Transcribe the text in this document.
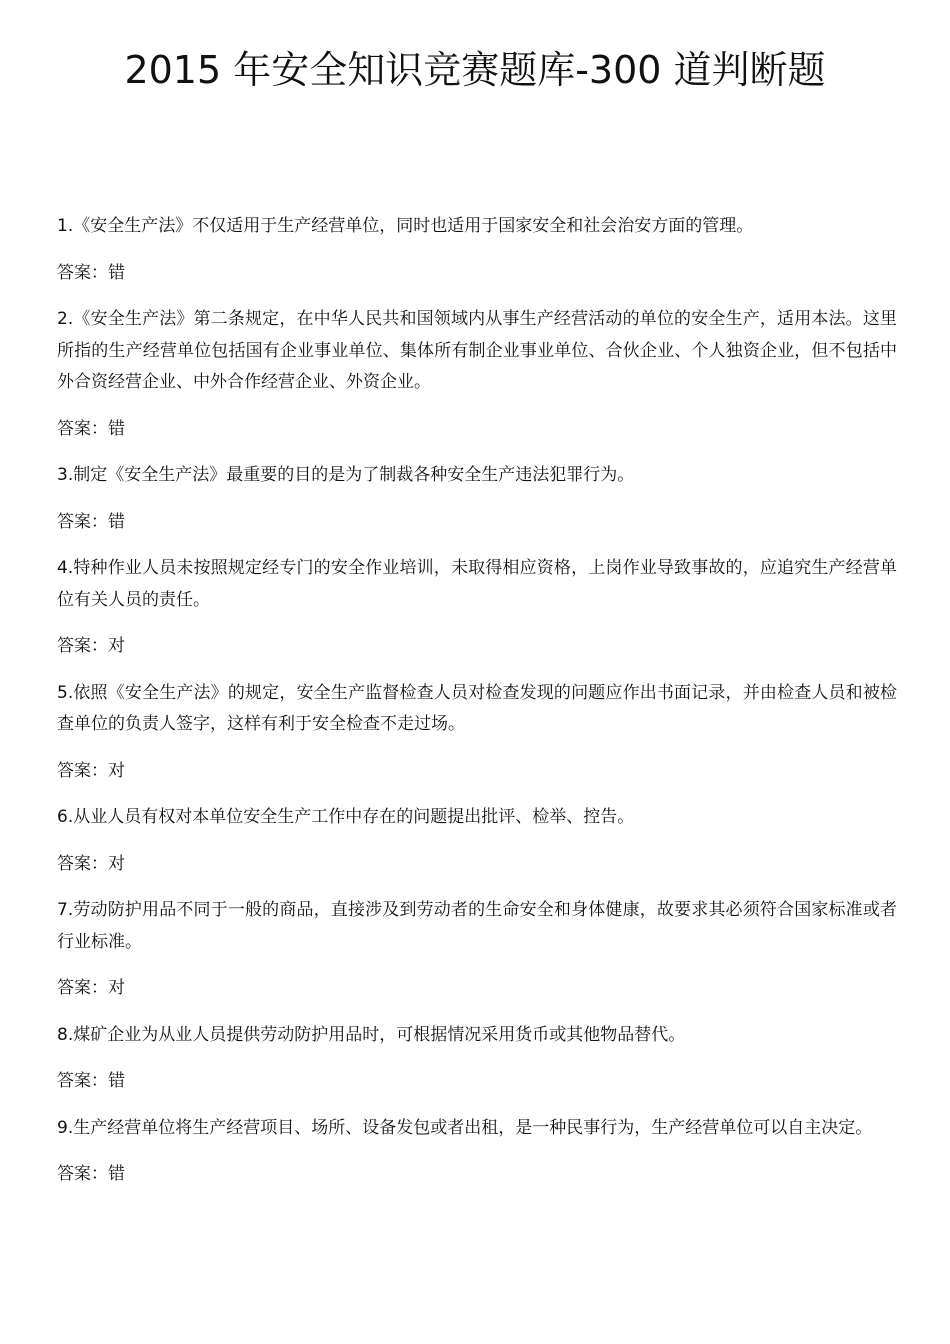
2015 年安全知识竞赛题库-300 道判断题

1.《安全生产法》不仅适用于生产经营单位，同时也适用于国家安全和社会治安方面的管理。

答案：错

2.《安全生产法》第二条规定，在中华人民共和国领域内从事生产经营活动的单位的安全生产，适用本法。这里所指的生产经营单位包括国有企业事业单位、集体所有制企业事业单位、合伙企业、个人独资企业，但不包括中外合资经营企业、中外合作经营企业、外资企业。

答案：错

3.制定《安全生产法》最重要的目的是为了制裁各种安全生产违法犯罪行为。

答案：错

4.特种作业人员未按照规定经专门的安全作业培训，未取得相应资格，上岗作业导致事故的，应追究生产经营单位有关人员的责任。

答案：对

5.依照《安全生产法》的规定，安全生产监督检查人员对检查发现的问题应作出书面记录，并由检查人员和被检查单位的负责人签字，这样有利于安全检查不走过场。

答案：对

6.从业人员有权对本单位安全生产工作中存在的问题提出批评、检举、控告。

答案：对

7.劳动防护用品不同于一般的商品，直接涉及到劳动者的生命安全和身体健康，故要求其必须符合国家标准或者行业标准。

答案：对

8.煤矿企业为从业人员提供劳动防护用品时，可根据情况采用货币或其他物品替代。

答案：错

9.生产经营单位将生产经营项目、场所、设备发包或者出租，是一种民事行为，生产经营单位可以自主决定。

答案：错
